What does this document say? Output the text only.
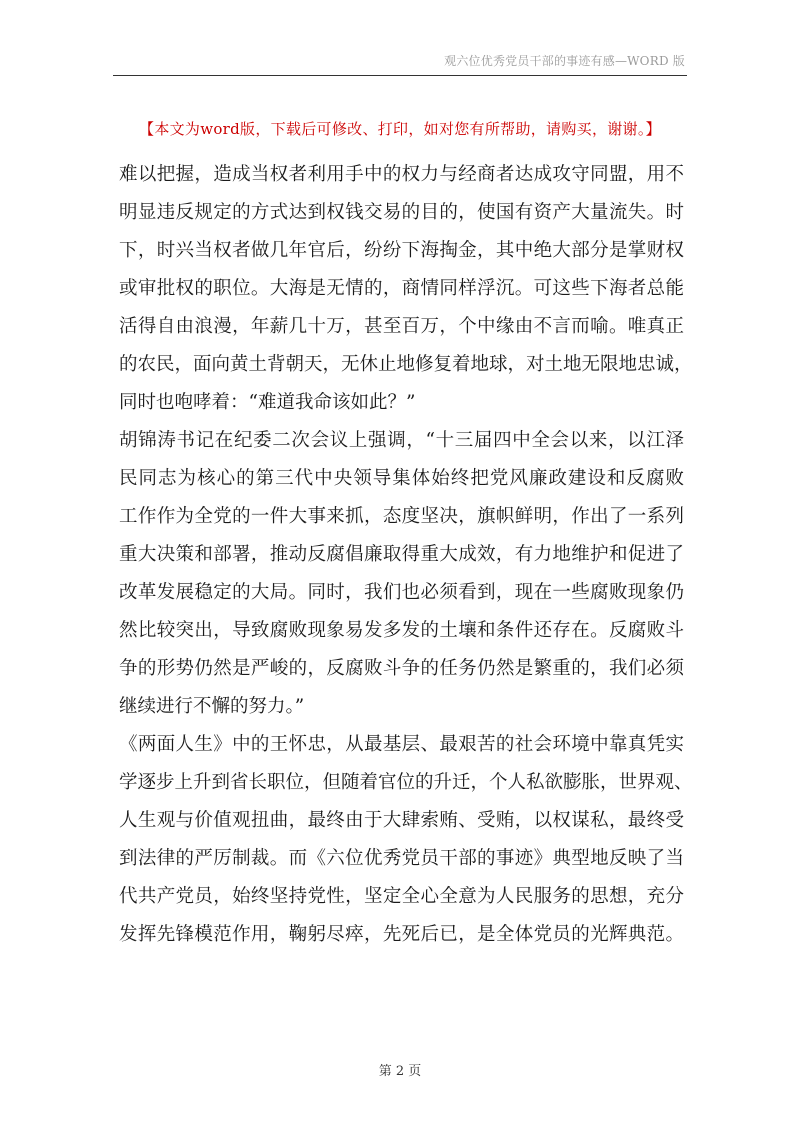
观六位优秀党员干部的事迹有感—WORD 版
【本文为word版，下载后可修改、打印，如对您有所帮助，请购买，谢谢。】
难以把握，造成当权者利用手中的权力与经商者达成攻守同盟，用不
明显违反规定的方式达到权钱交易的目的，使国有资产大量流失。时
下，时兴当权者做几年官后，纷纷下海掏金，其中绝大部分是掌财权
或审批权的职位。大海是无情的，商情同样浮沉。可这些下海者总能
活得自由浪漫，年薪几十万，甚至百万，个中缘由不言而喻。唯真正
的农民，面向黄土背朝天，无休止地修复着地球，对土地无限地忠诚，
同时也咆哮着：“难道我命该如此？”
胡锦涛书记在纪委二次会议上强调，“十三届四中全会以来，以江泽
民同志为核心的第三代中央领导集体始终把党风廉政建设和反腐败
工作作为全党的一件大事来抓，态度坚决，旗帜鲜明，作出了一系列
重大决策和部署，推动反腐倡廉取得重大成效，有力地维护和促进了
改革发展稳定的大局。同时，我们也必须看到，现在一些腐败现象仍
然比较突出，导致腐败现象易发多发的土壤和条件还存在。反腐败斗
争的形势仍然是严峻的，反腐败斗争的任务仍然是繁重的，我们必须
继续进行不懈的努力。”
《两面人生》中的王怀忠，从最基层、最艰苦的社会环境中靠真凭实
学逐步上升到省长职位，但随着官位的升迁，个人私欲膨胀，世界观、
人生观与价值观扭曲，最终由于大肆索贿、受贿，以权谋私，最终受
到法律的严厉制裁。而《六位优秀党员干部的事迹》典型地反映了当
代共产党员，始终坚持党性，坚定全心全意为人民服务的思想，充分
发挥先锋模范作用，鞠躬尽瘁，先死后已，是全体党员的光辉典范。
第 2 页
